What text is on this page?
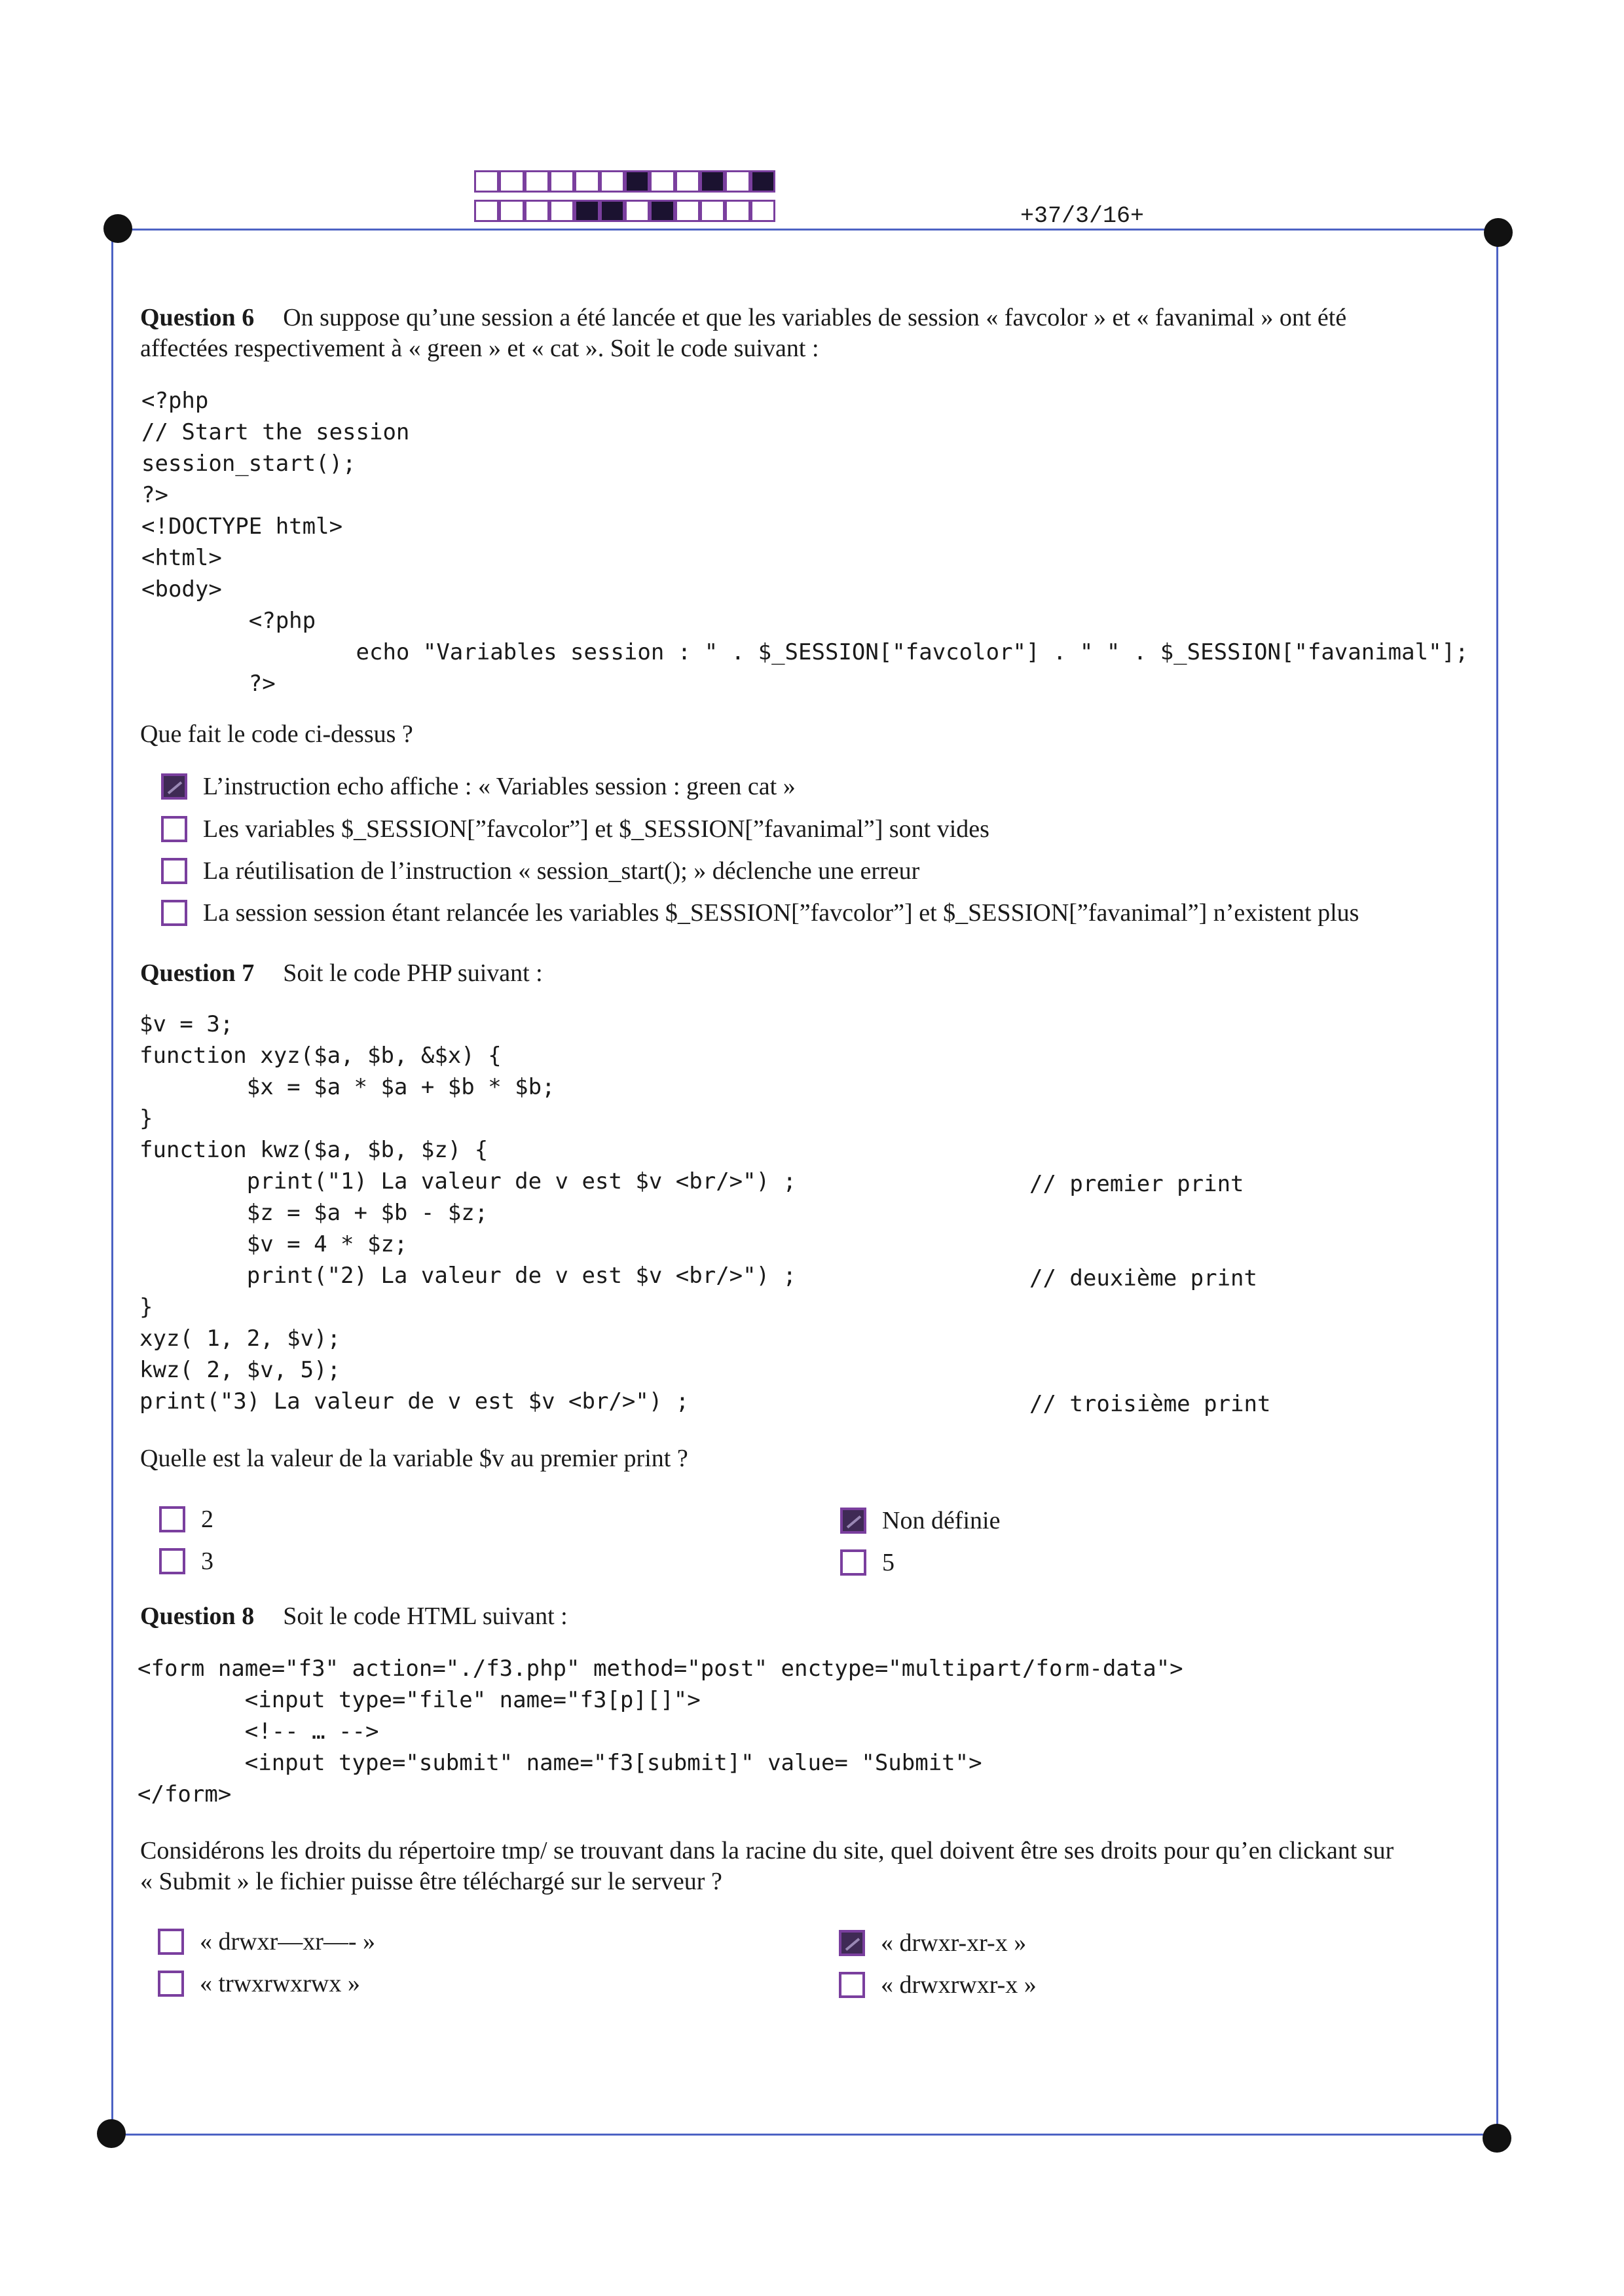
+37/3/16+
Question 6 On suppose qu’une session a été lancée et que les variables de session « favcolor » et « favanimal » ont été
affectées respectivement à « green » et « cat ». Soit le code suivant :
<?php
// Start the session
session_start();
?>
<!DOCTYPE html>
<html>
<body>
<?php
echo "Variables session : " . $_SESSION["favcolor"] . " " . $_SESSION["favanimal"];
?>
Que fait le code ci-dessus ?
L’instruction echo affiche : « Variables session : green cat »
Les variables $_SESSION[”favcolor”] et $_SESSION[”favanimal”] sont vides
La réutilisation de l’instruction « session_start(); » déclenche une erreur
La session session étant relancée les variables $_SESSION[”favcolor”] et $_SESSION[”favanimal”] n’existent plus
Question 7 Soit le code PHP suivant :
$v = 3;
function xyz($a, $b, &$x) {
$x = $a * $a + $b * $b;
}
function kwz($a, $b, $z) {
print("1) La valeur de v est $v <br/>") ;
$z = $a + $b - $z;
$v = 4 * $z;
print("2) La valeur de v est $v <br/>") ;
}
xyz( 1, 2, $v);
kwz( 2, $v, 5);
print("3) La valeur de v est $v <br/>") ;
// premier print
// deuxième print
// troisième print
Quelle est la valeur de la variable $v au premier print ?
2
3
Non définie
5
Question 8 Soit le code HTML suivant :
<form name="f3" action="./f3.php" method="post" enctype="multipart/form-data">
<input type="file" name="f3[p][]">
<!-- … -->
<input type="submit" name="f3[submit]" value= "Submit">
</form>
Considérons les droits du répertoire tmp/ se trouvant dans la racine du site, quel doivent être ses droits pour qu’en clickant sur
« Submit » le fichier puisse être téléchargé sur le serveur ?
« drwxr—xr—- »
« trwxrwxrwx »
« drwxr-xr-x »
« drwxrwxr-x »
